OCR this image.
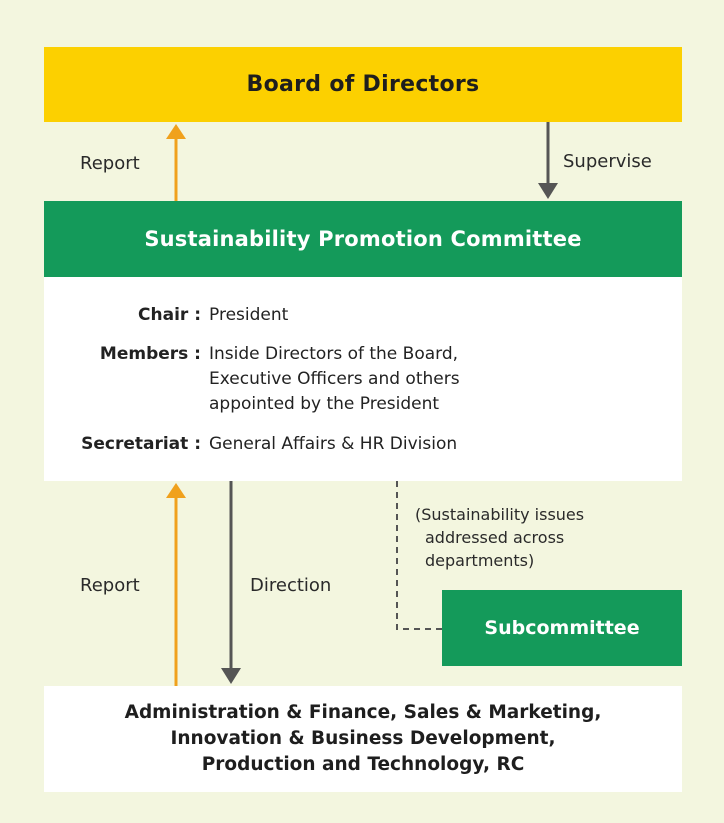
Board of Directors
Sustainability Promotion Committee
Chair : President
Members : Inside Directors of the Board,
Executive Officers and others
appointed by the President
Secretariat : General Affairs & HR Division
Subcommittee
Administration & Finance, Sales & Marketing,
Innovation & Business Development,
Production and Technology, RC
Report	Supervise
Report	Direction
(Sustainability issues
addressed across
departments)
